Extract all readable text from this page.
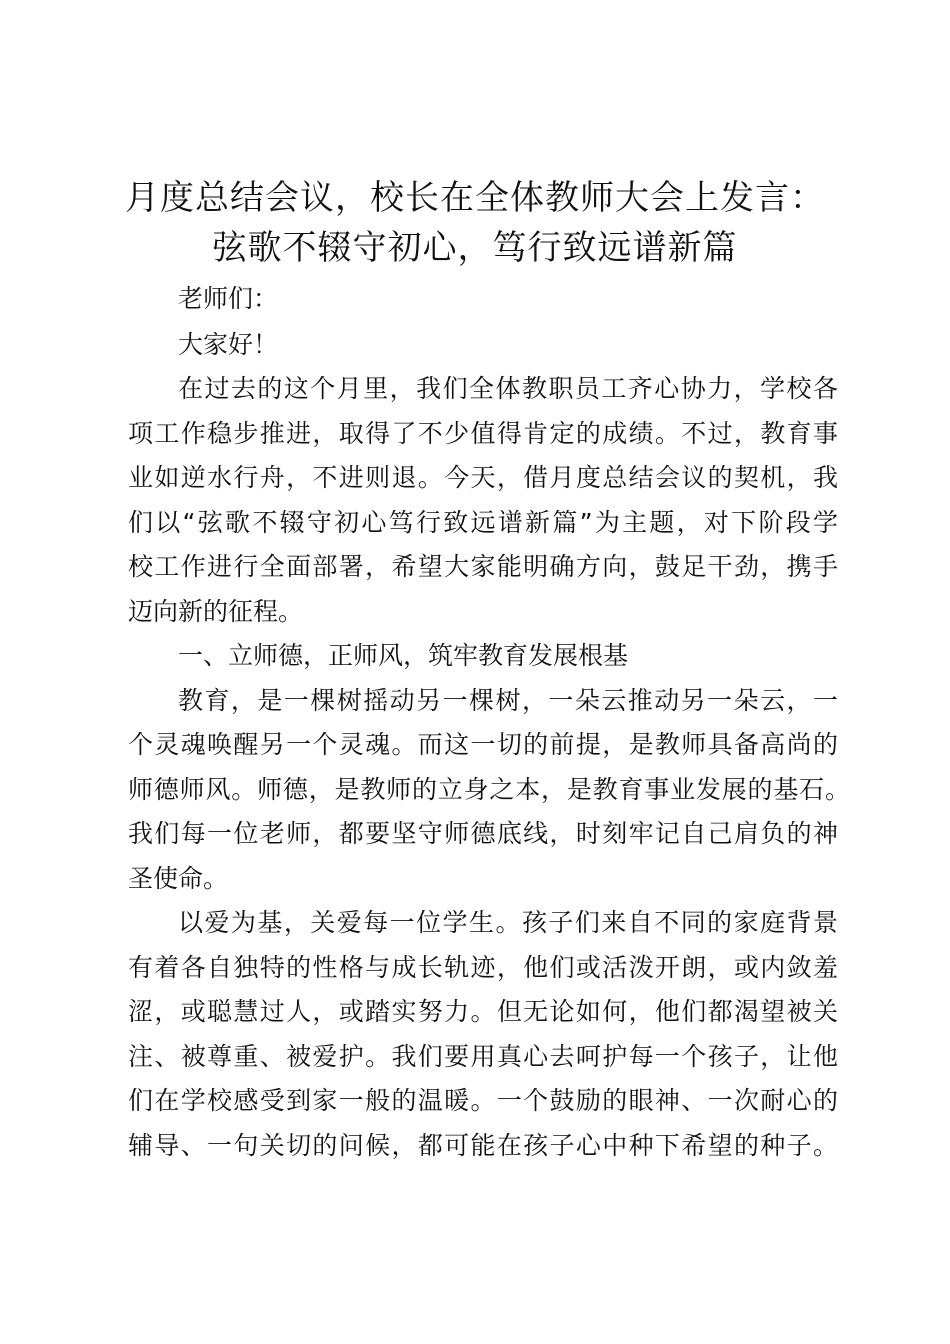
月度总结会议，校长在全体教师大会上发言：
弦歌不辍守初心，笃行致远谱新篇

老师们：

大家好！

在过去的这个月里，我们全体教职员工齐心协力，学校各

项工作稳步推进，取得了不少值得肯定的成绩。不过，教育事

业如逆水行舟，不进则退。今天，借月度总结会议的契机，我

们以“弦歌不辍守初心笃行致远谱新篇”为主题，对下阶段学

校工作进行全面部署，希望大家能明确方向，鼓足干劲，携手

迈向新的征程。

一、立师德，正师风，筑牢教育发展根基

教育，是一棵树摇动另一棵树，一朵云推动另一朵云，一

个灵魂唤醒另一个灵魂。而这一切的前提，是教师具备高尚的

师德师风。师德，是教师的立身之本，是教育事业发展的基石。

我们每一位老师，都要坚守师德底线，时刻牢记自己肩负的神

圣使命。

以爱为基，关爱每一位学生。孩子们来自不同的家庭背景

有着各自独特的性格与成长轨迹，他们或活泼开朗，或内敛羞

涩，或聪慧过人，或踏实努力。但无论如何，他们都渴望被关

注、被尊重、被爱护。我们要用真心去呵护每一个孩子，让他

们在学校感受到家一般的温暖。一个鼓励的眼神、一次耐心的

辅导、一句关切的问候，都可能在孩子心中种下希望的种子。
